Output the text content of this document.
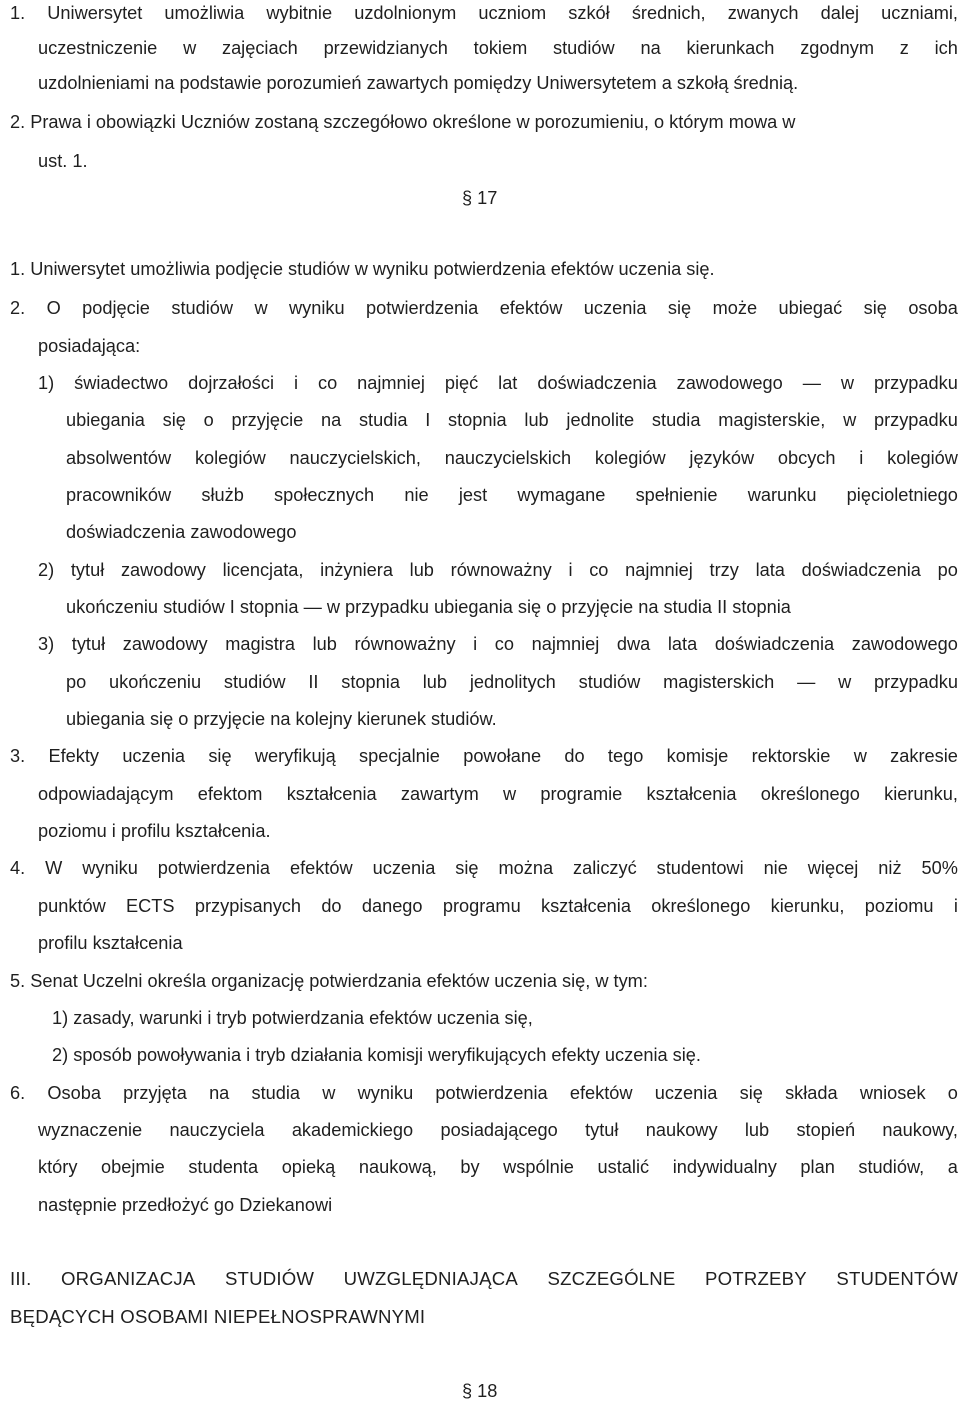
1. Uniwersytet umożliwia wybitnie uzdolnionym uczniom szkół średnich, zwanych dalej uczniami,
uczestniczenie w zajęciach przewidzianych tokiem studiów na kierunkach zgodnym z ich
uzdolnieniami na podstawie porozumień zawartych pomiędzy Uniwersytetem a szkołą średnią.
2. Prawa i obowiązki Uczniów zostaną szczegółowo określone w porozumieniu, o którym mowa w
ust. 1.
§ 17
1. Uniwersytet umożliwia podjęcie studiów w wyniku potwierdzenia efektów uczenia się.
2. O podjęcie studiów w wyniku potwierdzenia efektów uczenia się może ubiegać się osoba
posiadająca:
1) świadectwo dojrzałości i co najmniej pięć lat doświadczenia zawodowego — w przypadku
ubiegania się o przyjęcie na studia I stopnia lub jednolite studia magisterskie, w przypadku
absolwentów kolegiów nauczycielskich, nauczycielskich kolegiów języków obcych i kolegiów
pracowników służb społecznych nie jest wymagane spełnienie warunku pięcioletniego
doświadczenia zawodowego
2) tytuł zawodowy licencjata, inżyniera lub równoważny i co najmniej trzy lata doświadczenia po
ukończeniu studiów I stopnia — w przypadku ubiegania się o przyjęcie na studia II stopnia
3) tytuł zawodowy magistra lub równoważny i co najmniej dwa lata doświadczenia zawodowego
po ukończeniu studiów II stopnia lub jednolitych studiów magisterskich — w przypadku
ubiegania się o przyjęcie na kolejny kierunek studiów.
3. Efekty uczenia się weryfikują specjalnie powołane do tego komisje rektorskie w zakresie
odpowiadającym efektom kształcenia zawartym w programie kształcenia określonego kierunku,
poziomu i profilu kształcenia.
4. W wyniku potwierdzenia efektów uczenia się można zaliczyć studentowi nie więcej niż 50%
punktów ECTS przypisanych do danego programu kształcenia określonego kierunku, poziomu i
profilu kształcenia
5. Senat Uczelni określa organizację potwierdzania efektów uczenia się, w tym:
1) zasady, warunki i tryb potwierdzania efektów uczenia się,
2) sposób powoływania i tryb działania komisji weryfikujących efekty uczenia się.
6. Osoba przyjęta na studia w wyniku potwierdzenia efektów uczenia się składa wniosek o
wyznaczenie nauczyciela akademickiego posiadającego tytuł naukowy lub stopień naukowy,
który obejmie studenta opieką naukową, by wspólnie ustalić indywidualny plan studiów, a
następnie przedłożyć go Dziekanowi
III. ORGANIZACJA STUDIÓW UWZGLĘDNIAJĄCA SZCZEGÓLNE POTRZEBY STUDENTÓW
BĘDĄCYCH OSOBAMI NIEPEŁNOSPRAWNYMI
§ 18
